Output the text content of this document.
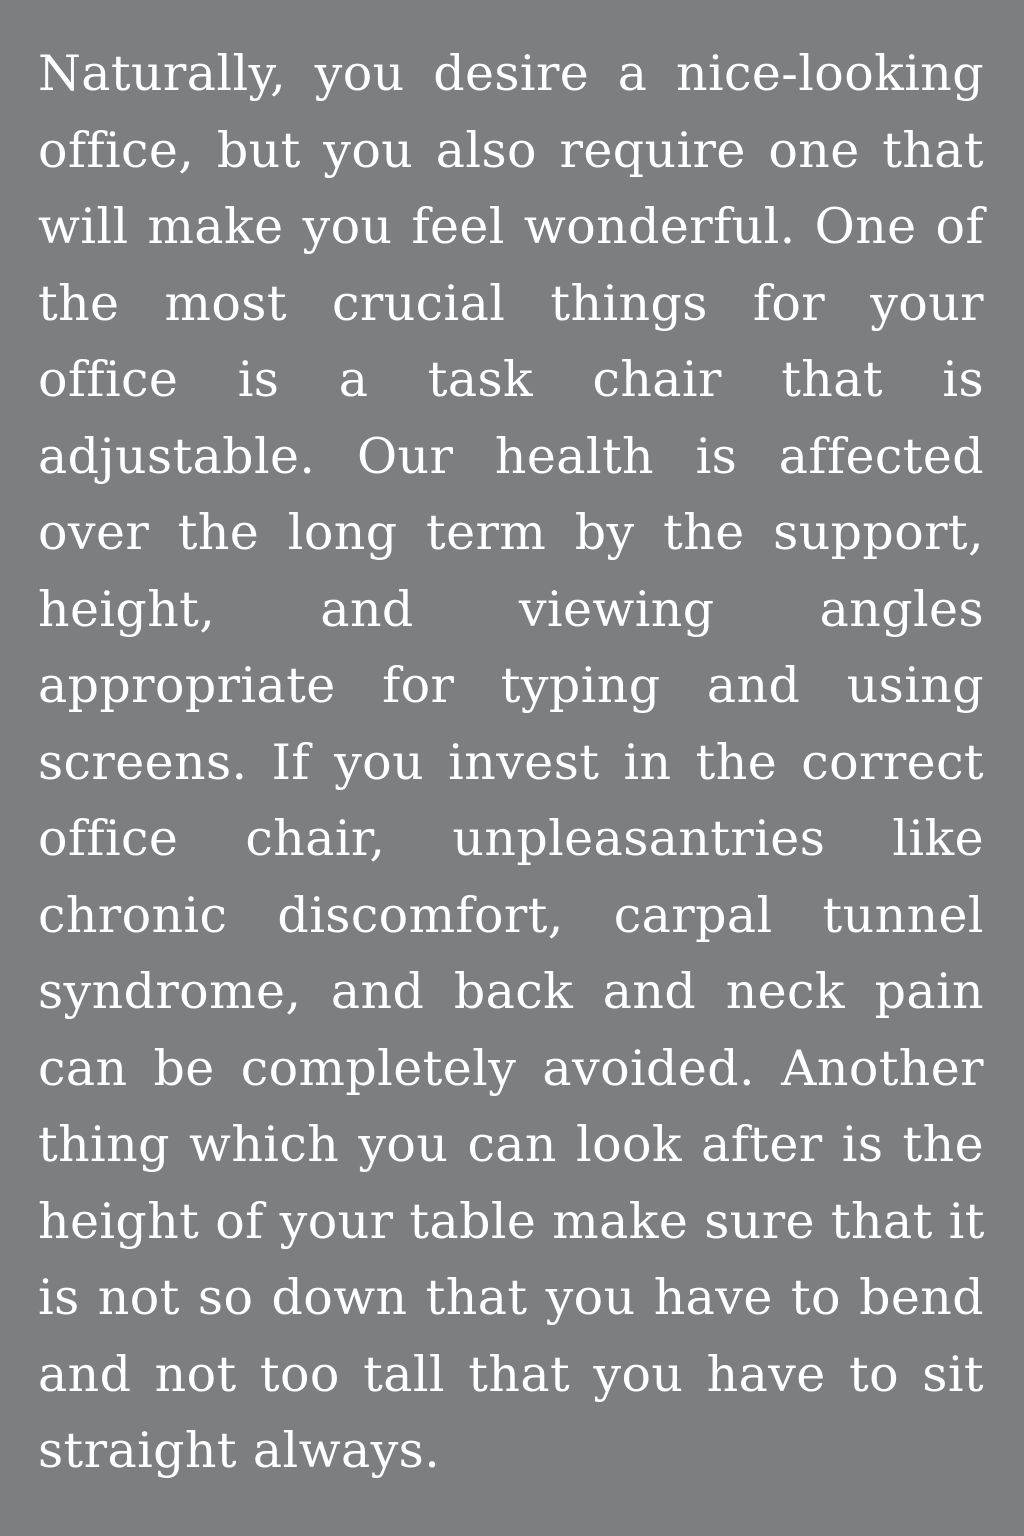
Naturally, you desire a nice-looking
office, but you also require one that
will make you feel wonderful. One of
the most crucial things for your
office is a task chair that is
adjustable. Our health is affected
over the long term by the support,
height, and viewing angles
appropriate for typing and using
screens. If you invest in the correct
office chair, unpleasantries like
chronic discomfort, carpal tunnel
syndrome, and back and neck pain
can be completely avoided. Another
thing which you can look after is the
height of your table make sure that it
is not so down that you have to bend
and not too tall that you have to sit
straight always.
